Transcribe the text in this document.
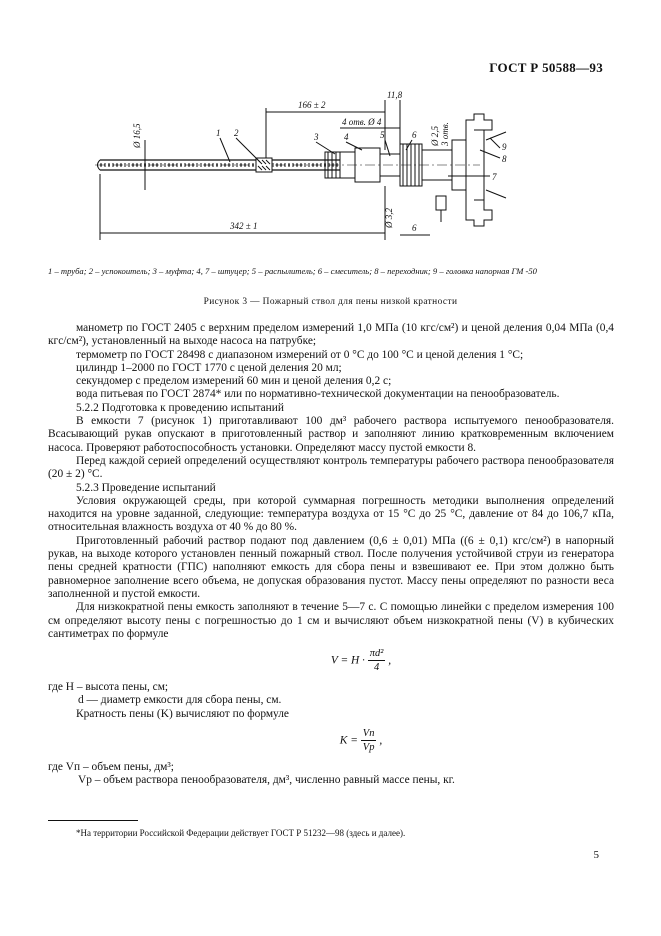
ГОСТ Р 50588—93
166 ± 2
11,8
4 отв. Ø 4
Ø 16,5	Ø 2,5 3 отв.
Ø 3,2 6
342 ± 1
1 2	3	4	5	6
7
8
9
1 – труба; 2 – успокоитель; 3 – муфта; 4, 7 – штуцер; 5 – распылитель; 6 – смеситель; 8 – переходник; 9 – головка напорная ГМ -50
Рисунок 3 — Пожарный ствол для пены низкой кратности

манометр по ГОСТ 2405 с верхним пределом измерений 1,0 МПа (10 кгс/см²) и ценой деления 0,04 МПа (0,4 кгс/см²), установленный на выходе насоса на патрубке;

термометр по ГОСТ 28498 с диапазоном измерений от 0 °С до 100 °С и ценой деления 1 °С;

цилиндр 1–2000 по ГОСТ 1770 с ценой деления 20 мл;

секундомер с пределом измерений 60 мин и ценой деления 0,2 с;

вода питьевая по ГОСТ 2874* или по нормативно-технической документации на пенообразователь.

5.2.2 Подготовка к проведению испытаний

В емкости 7 (рисунок 1) приготавливают 100 дм³ рабочего раствора испытуемого пенообразователя. Всасывающий рукав опускают в приготовленный раствор и заполняют линию кратковременным включением насоса. Проверяют работоспособность установки. Определяют массу пустой емкости 8.

Перед каждой серией определений осуществляют контроль температуры рабочего раствора пенообразователя (20 ± 2) °С.

5.2.3 Проведение испытаний

Условия окружающей среды, при которой суммарная погрешность методики выполнения определений находится на уровне заданной, следующие: температура воздуха от 15 °С до 25 °С, давление от 84 до 106,7 кПа, относительная влажность воздуха от 40 % до 80 %.

Приготовленный рабочий раствор подают под давлением (0,6 ± 0,01) МПа ((6 ± 0,1) кгс/см²) в напорный рукав, на выходе которого установлен пенный пожарный ствол. После получения устойчивой струи из генератора пены средней кратности (ГПС) наполняют емкость для сбора пены и взвешивают ее. При этом должно быть равномерное заполнение всего объема, не допуская образования пустот. Массу пены определяют по разности веса заполненной и пустой емкости.

Для низкократной пены емкость заполняют в течение 5—7 с. С помощью линейки с пределом измерения 100 см определяют высоту пены с погрешностью до 1 см и вычисляют объем низкократной пены (V) в кубических сантиметрах по формуле

$V = H \cdot \frac{\text{πd²}}{4}$ ,

где H – высота пены, см;

d — диаметр емкости для сбора пены, см.

Кратность пены (K) вычисляют по формуле

$K = \frac{Vп}{Vр}$ ,

где Vп – объем пены, дм³;

Vр – объем раствора пенообразователя, дм³, численно равный массе пены, кг.

*На территории Российской Федерации действует ГОСТ Р 51232—98 (здесь и далее).
5
